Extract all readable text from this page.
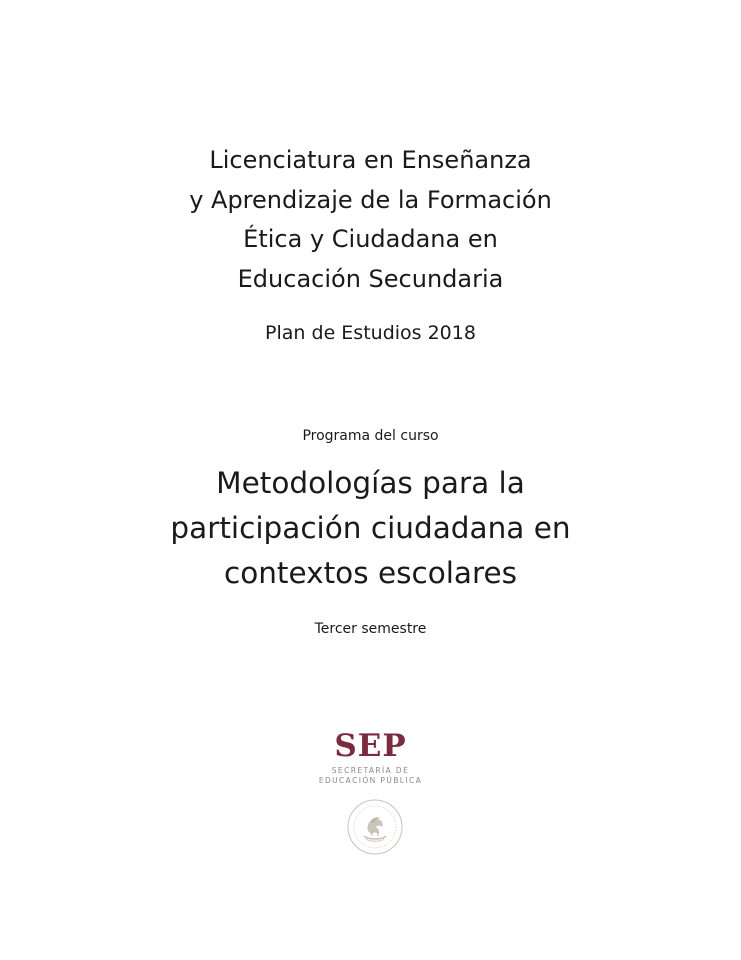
Licenciatura en Enseñanza
y Aprendizaje de la Formación
Ética y Ciudadana en
Educación Secundaria
Plan de Estudios 2018
Programa del curso
Metodologías para la
participación ciudadana en
contextos escolares
Tercer semestre
SEP
SECRETARÍA DE
EDUCACIÓN PÚBLICA
